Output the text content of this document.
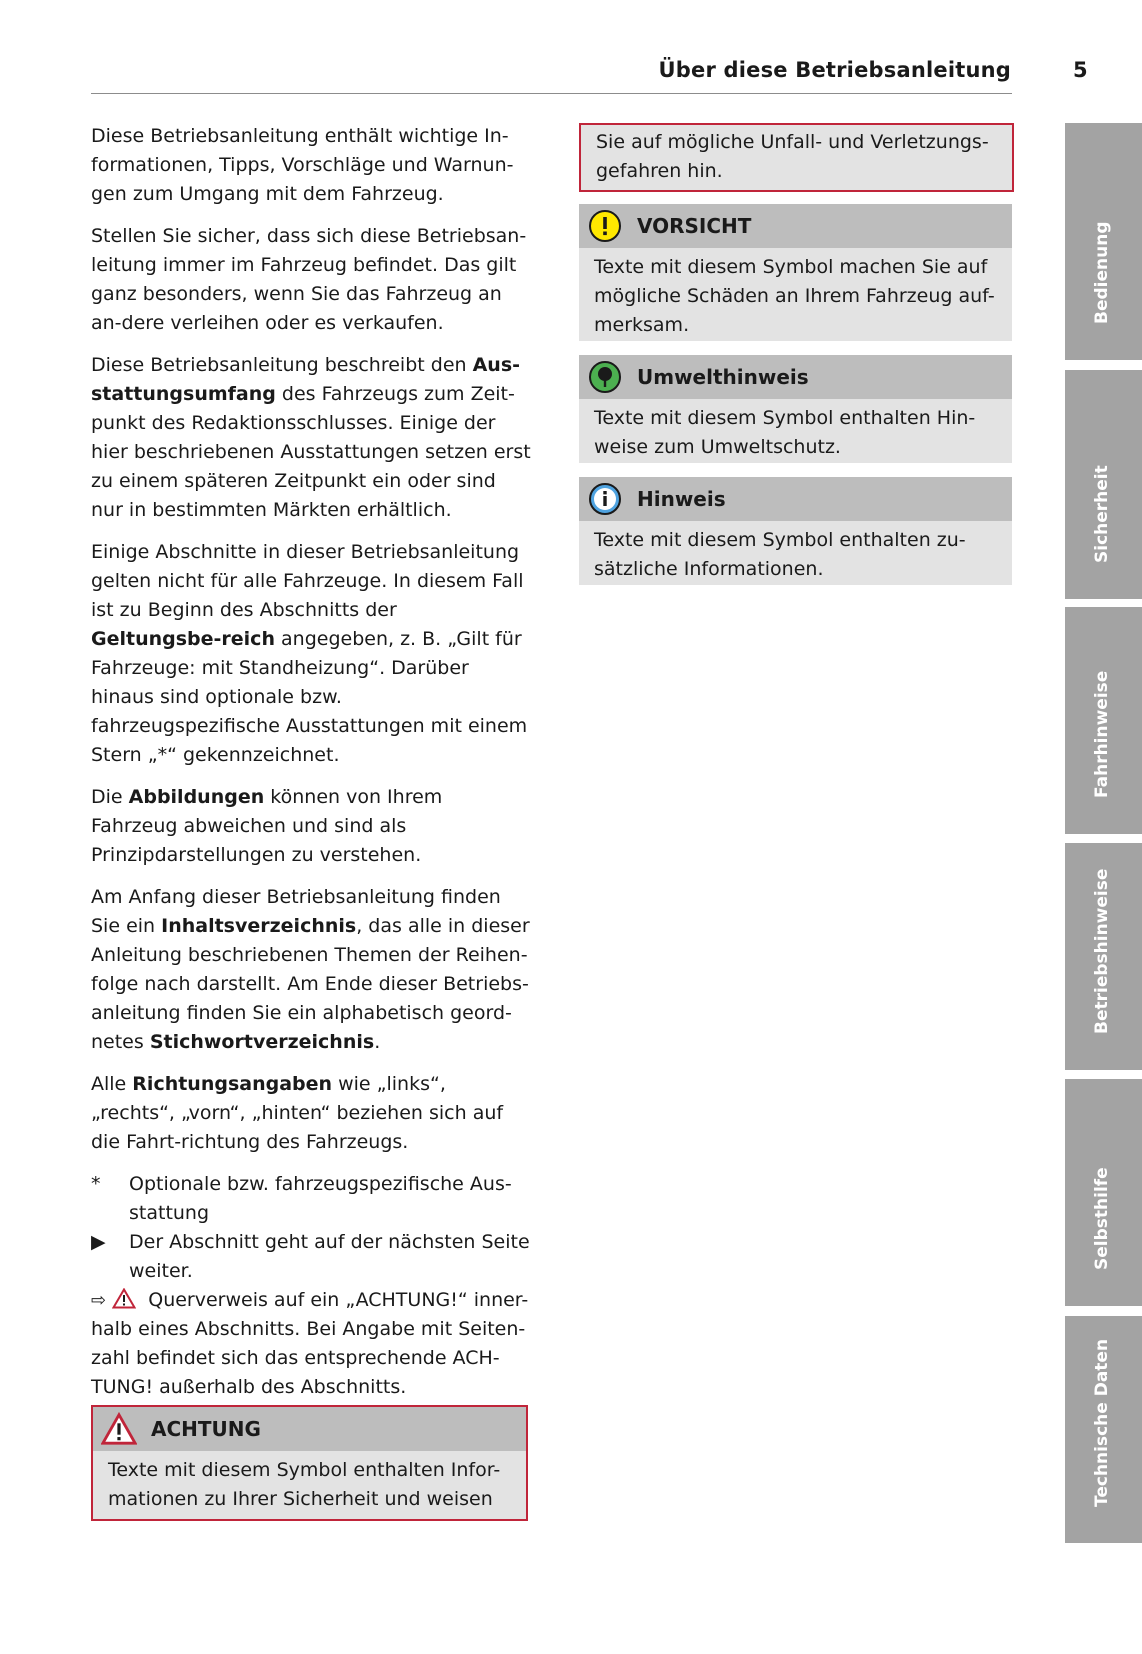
Über diese Betriebsanleitung	5

Diese Betriebsanleitung enthält wichtige In-formationen, Tipps, Vorschläge und Warnun-gen zum Umgang mit dem Fahrzeug.

Stellen Sie sicher, dass sich diese Betriebsan-leitung immer im Fahrzeug befindet. Das gilt ganz besonders, wenn Sie das Fahrzeug an an-dere verleihen oder es verkaufen.

Diese Betriebsanleitung beschreibt den Aus-stattungsumfang des Fahrzeugs zum Zeit-punkt des Redaktionsschlusses. Einige der hier beschriebenen Ausstattungen setzen erst zu einem späteren Zeitpunkt ein oder sind nur in bestimmten Märkten erhältlich.

Einige Abschnitte in dieser Betriebsanleitung gelten nicht für alle Fahrzeuge. In diesem Fall ist zu Beginn des Abschnitts der Geltungsbe-reich angegeben, z. B. „Gilt für Fahrzeuge: mit Standheizung“. Darüber hinaus sind optionale bzw. fahrzeugspezifische Ausstattungen mit einem Stern „*“ gekennzeichnet.

Die Abbildungen können von Ihrem Fahrzeug abweichen und sind als Prinzipdarstellungen zu verstehen.

Am Anfang dieser Betriebsanleitung finden Sie ein Inhaltsverzeichnis, das alle in dieser Anleitung beschriebenen Themen der Reihen-folge nach darstellt. Am Ende dieser Betriebs-anleitung finden Sie ein alphabetisch geord-netes Stichwortverzeichnis.

Alle Richtungsangaben wie „links“, „rechts“, „vorn“, „hinten“ beziehen sich auf die Fahrt-richtung des Fahrzeugs.

*	Optionale bzw. fahrzeugspezifische Aus-stattung
▶	Der Abschnitt geht auf der nächsten Seite weiter.

⇨ Querverweis auf ein „ACHTUNG!“ inner-halb eines Abschnitts. Bei Angabe mit Seiten-zahl befindet sich das entsprechende ACH-TUNG! außerhalb des Abschnitts.

ACHTUNG
Texte mit diesem Symbol enthalten Infor-mationen zu Ihrer Sicherheit und weisen
Sie auf mögliche Unfall- und Verletzungs-gefahren hin.
VORSICHT
Texte mit diesem Symbol machen Sie auf mögliche Schäden an Ihrem Fahrzeug auf-merksam.
Umwelthinweis
Texte mit diesem Symbol enthalten Hin-weise zum Umweltschutz.
Hinweis
Texte mit diesem Symbol enthalten zu-sätzliche Informationen.
Bedienung
Sicherheit
Fahrhinweise
Betriebshinweise
Selbsthilfe
Technische Daten
